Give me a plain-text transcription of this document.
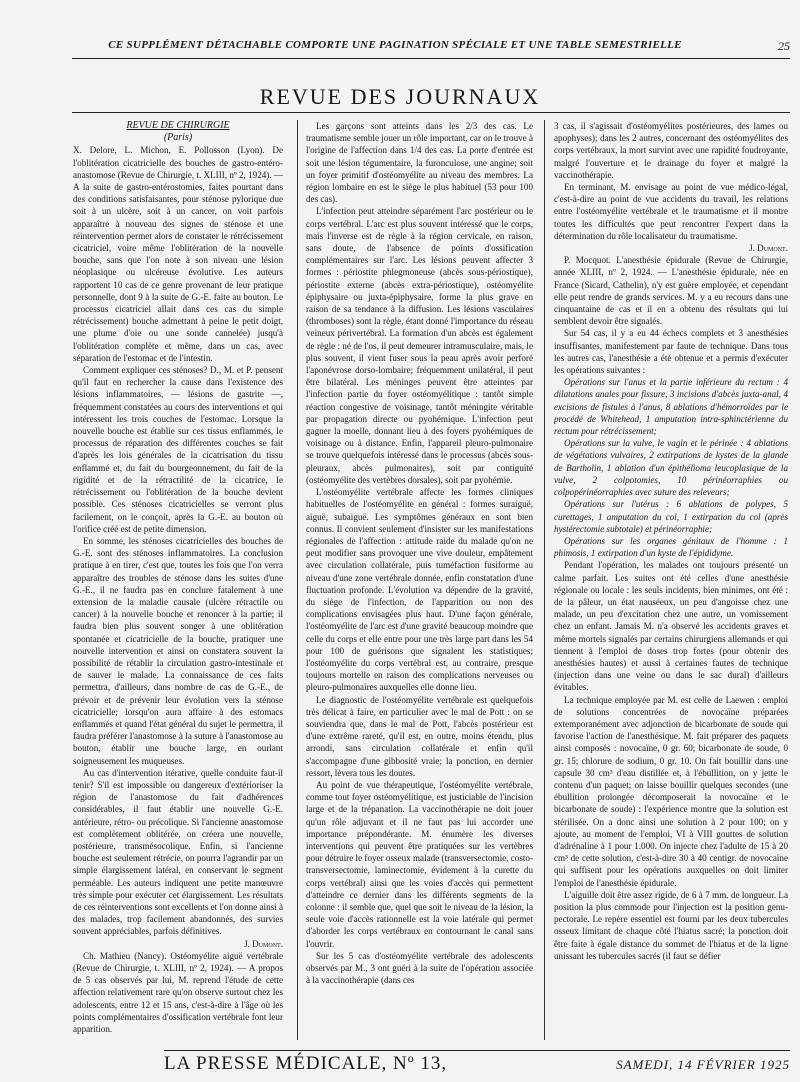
CE SUPPLÉMENT DÉTACHABLE COMPORTE UNE PAGINATION SPÉCIALE ET UNE TABLE SEMESTRIELLE	25
REVUE DES JOURNAUX

REVUE DE CHIRURGIE

(Paris)

X. Delore, L. Michon, E. Pollosson (Lyon). De l'oblitération cicatricielle des bouches de gastro-entéro-anastomose (Revue de Chirurgie, t. XLIII, nº 2, 1924). — A la suite de gastro-entérostomies, faites pourtant dans des conditions satisfaisantes, pour sténose pylorique due soit à un ulcère, soit à un cancer, on voit parfois apparaître à nouveau des signes de sténose et une réintervention permet alors de constater le rétrécissement cicatriciel, voire même l'oblitération de la nouvelle bouche, sans que l'on note à son niveau une lésion néoplasique ou ulcéreuse évolutive. Les auteurs rapportent 10 cas de ce genre provenant de leur pratique personnelle, dont 9 à la suite de G.-E. faite au bouton. Le processus cicatriciel allait dans ces cas du simple rétrécissement) bouche admettant à peine le petit doigt, une plume d'oie ou une sonde cannelée) jusqu'à l'oblitération complète et même, dans un cas, avec séparation de l'estomac et de l'intestin.

Comment expliquer ces sténoses? D., M. et P. pensent qu'il faut en rechercher la cause dans l'existence des lésions inflammatoires, — lésions de gastrite —, fréquemment constatées au cours des interventions et qui intéressent les trois couches de l'estomac. Lorsque la nouvelle bouche est établie sur ces tissus enflammés, le processus de réparation des différentes couches se fait d'après les lois générales de la cicatrisation du tissu enflammé et, du fait du bourgeonnement, du fait de la rigidité et de la rétractilité de la cicatrice, le rétrécissement ou l'oblitération de la bouche devient possible. Ces sténoses cicatricielles se verront plus facilement, on le conçoit, après la G.-E. au bouton où l'orifice créé est de petite dimension.

En somme, les sténoses cicatricielles des bouches de G.-E. sont des sténoses inflammatoires. La conclusion pratique à en tirer, c'est que, toutes les fois que l'on verra apparaître des troubles de sténose dans les suites d'une G.-E., il ne faudra pas en conclure fatalement à une extension de la maladie causale (ulcère rétractile ou cancer) à la nouvelle bouche et renoncer à la partie; il faudra bien plus souvent songer à une oblitération spontanée et cicatricielle de la bouche, pratiquer une nouvelle intervention et ainsi on constatera souvent la possibilité de rétablir la circulation gastro-intestinale et de sauver le malade. La connaissance de ces faits permettra, d'ailleurs, dans nombre de cas de G.-E., de prévoir et de prévenir leur évolution vers la sténose cicatricielle; lorsqu'on aura affaire à des estomacs enflammés et quand l'état général du sujet le permettra, il faudra préférer l'anastomose à la suture à l'anastomose au bouton, établir une bouche large, en ourlant soigneusement les muqueuses.

Au cas d'intervention itérative, quelle conduite faut-il tenir? S'il est impossible ou dangereux d'extérioriser la région de l'anastomose du fait d'adhérences considérables, il faut établir une nouvelle G.-E. antérieure, rétro- ou précolique. Si l'ancienne anastomose est complètement oblitérée, on créera une nouvelle, postérieure, transmésocolique. Enfin, si l'ancienne bouche est seulement rétrécie, on pourra l'agrandir par un simple élargissement latéral, en conservant le segment perméable. Les auteurs indiquent une petite manœuvre très simple pour exécuter cet élargissement. Les résultats de ces réinterventions sont excellents et l'on donne ainsi à des malades, trop facilement abandonnés, des survies souvent appréciables, parfois définitives.

J. Dumont.

Ch. Mathieu (Nancy). Ostéomyélite aiguë vertébrale (Revue de Chirurgie, t. XLIII, nº 2, 1924). — A propos de 5 cas observés par lui, M. reprend l'étude de cette affection relativement rare qu'on observe surtout chez les adolescents, entre 12 et 15 ans, c'est-à-dire à l'âge où les points complémentaires d'ossification vertébrale font leur apparition.

Les garçons sont atteints dans les 2/3 des cas. Le traumatisme semble jouer un rôle important, car on le trouve à l'origine de l'affection dans 1/4 des cas. La porte d'entrée est soit une lésion tégumentaire, la furonculose, une angine; soit un foyer primitif d'ostéomyélite au niveau des membres. La région lombaire en est le siège le plus habituel (53 pour 100 des cas).

L'infection peut atteindre séparément l'arc postérieur ou le corps vertébral. L'arc est plus souvent intéressé que le corps, mais l'inverse est de règle à la région cervicale, en raison, sans doute, de l'absence de points d'ossification complémentaires sur l'arc. Les lésions peuvent affecter 3 formes : périostite phlegmoneuse (abcès sous-périostique), périostite externe (abcès extra-périostique), ostéomyélite épiphysaire ou juxta-épiphysaire, forme la plus grave en raison de sa tendance à la diffusion. Les lésions vasculaires (thromboses) sont la règle, étant donné l'importance du réseau veineux périvertébral. La formation d'un abcès est également de règle : né de l'os, il peut demeurer intramusculaire, mais, le plus souvent, il vient fuser sous la peau après avoir perforé l'aponévrose dorso-lombaire; fréquemment unilatéral, il peut être bilatéral. Les méninges peuvent être atteintes par l'infection partie du foyer ostéomyélitique : tantôt simple réaction congestive de voisinage, tantôt méningite véritable par propagation directe ou pyohémique. L'infection peut gagner la moelle, donnant lieu à des foyers pyohémiques de voisinage ou à distance. Enfin, l'appareil pleuro-pulmonaire se trouve quelquefois intéressé dans le processus (abcès sous-pleuraux, abcès pulmonaires), soit par contiguïté (ostéomyélite des vertèbres dorsales), soit par pyohémie.

L'ostéomyélite vertébrale affecte les formes cliniques habituelles de l'ostéomyélite en général : formes suraiguë, aiguë, subaiguë. Les symptômes généraux en sont bien connus. Il convient seulement d'insister sur les manifestations régionales de l'affection : attitude raide du malade qu'on ne peut modifier sans provoquer une vive douleur, empâtement avec circulation collatérale, puis tuméfaction fusiforme au niveau d'une zone vertébrale donnée, enfin constatation d'une fluctuation profonde. L'évolution va dépendre de la gravité, du siège de l'infection, de l'apparition ou non des complications envisagées plus haut. D'une façon générale, l'ostéomyélite de l'arc est d'une gravité beaucoup moindre que celle du corps et elle entre pour une très large part dans les 54 pour 100 de guérisons que signalent les statistiques; l'ostéomyélite du corps vertébral est, au contraire, presque toujours mortelle en raison des complications nerveuses ou pleuro-pulmonaires auxquelles elle donne lieu.

Le diagnostic de l'ostéomyélite vertébrale est quelquefois très délicat à faire, en particulier avec le mal de Pott : on se souviendra que, dans le mal de Pott, l'abcès postérieur est d'une extrême rareté, qu'il est, en outre, moins étendu, plus arrondi, sans circulation collatérale et enfin qu'il s'accompagne d'une gibbosité vraie; la ponction, en dernier ressort, lèvera tous les doutes.

Au point de vue thérapeutique, l'ostéomyélite vertébrale, comme tout foyer ostéomyélitique, est justiciable de l'incision large et de la trépanation. La vaccinothérapie ne doit jouer qu'un rôle adjuvant et il ne faut pas lui accorder une importance prépondérante. M. énumère les diverses interventions qui peuvent être pratiquées sur les vertèbres pour détruire le foyer osseux malade (transversectomie, costo-transversectomie, laminectomie, évidement à la curette du corps vertébral) ainsi que les voies d'accès qui permettent d'atteindre ce dernier dans les différents segments de la colonne : il semble que, quel que soit le niveau de la lésion, la seule voie d'accès rationnelle est la voie latérale qui permet d'aborder les corps vertébraux en contournant le canal sans l'ouvrir.

Sur les 5 cas d'ostéomyélite vertébrale des adolescents observés par M., 3 ont guéri à la suite de l'opération associée à la vaccinothérapie (dans ces

3 cas, il s'agissait d'ostéomyélites postérieures, des lames ou apophyses); dans les 2 autres, concernant des ostéomyélites des corps vertébraux, la mort survint avec une rapidité foudroyante, malgré l'ouverture et le drainage du foyer et malgré la vaccinothérapie.

En terminant, M. envisage au point de vue médico-légal, c'est-à-dire au point de vue accidents du travail, les relations entre l'ostéomyélite vertébrale et le traumatisme et il montre toutes les difficultés que peut rencontrer l'expert dans la détermination du rôle localisateur du traumatisme.

J. Dumont.

P. Mocquot. L'anesthésie épidurale (Revue de Chirurgie, année XLIII, nº 2, 1924. — L'anesthésie épidurale, née en France (Sicard, Cathelin), n'y est guère employée, et cependant elle peut rendre de grands services. M. y a eu recours dans une cinquantaine de cas et il en a obtenu des résultats qui lui semblent devoir être signalés.

Sur 54 cas, il y a eu 44 échecs complets et 3 anesthésies insuffisantes, manifestement par faute de technique. Dans tous les autres cas, l'anesthésie a été obtenue et a permis d'exécuter les opérations suivantes :

Opérations sur l'anus et la partie inférieure du rectum : 4 dilatations anales pour fissure, 3 incisions d'abcès juxta-anal, 4 excisions de fistules à l'anus, 8 ablations d'hémorroïdes par le procédé de Whitehead, 1 amputation intra-sphinctérienne du rectum pour rétrécissement;

Opérations sur la vulve, le vagin et le périnée : 4 ablations de végétations vulvaires, 2 extirpations de kystes de la glande de Bartholin, 1 ablation d'un épithélioma leucoplasique de la vulve, 2 colpotomies, 10 périnéorraphies ou colpopérinéorraphies avec suture des releveurs;

Opérations sur l'utérus : 6 ablations de polypes, 5 curettages, 1 amputation du col, 1 extirpation du col (après hystérectomie subtotale) et périnéorraphie;

Opérations sur les organes génitaux de l'homme : 1 phimosis, 1 extirpation d'un kyste de l'épididyme.

Pendant l'opération, les malades ont toujours présenté un calme parfait. Les suites ont été celles d'une anesthésie régionale ou locale : les seuls incidents, bien minimes, ont été : de la pâleur, un état nauséeux, un peu d'angoisse chez une malade, un peu d'excitation chez une autre, un vomissement chez un enfant. Jamais M. n'a observé les accidents graves et même mortels signalés par certains chirurgiens allemands et qui tiennent à l'emploi de doses trop fortes (pour obtenir des anesthésies hautes) et aussi à certaines fautes de technique (injection dans une veine ou dans le sac dural) d'ailleurs évitables.

La technique employée par M. est celle de Laewen : emploi de solutions concentrées de novocaïne préparées extemporanément avec adjonction de bicarbonate de soude qui favorise l'action de l'anesthésique. M. fait préparer des paquets ainsi composés : novocaïne, 0 gr. 60; bicarbonate de soude, 0 gr. 15; chlorure de sodium, 0 gr. 10. On fait bouillir dans une capsule 30 cm³ d'eau distillée et, à l'ébullition, on y jette le contenu d'un paquet; on laisse bouillir quelques secondes (une ébullition prolongée décomposerait la novocaïne et le bicarbonate de soude) : l'expérience montre que la solution est stérilisée. On a donc ainsi une solution à 2 pour 100; on y ajoute, au moment de l'emploi, VI à VIII gouttes de solution d'adrénaline à 1 pour 1.000. On injecte chez l'adulte de 15 à 20 cm³ de cette solution, c'est-à-dire 30 à 40 centigr. de novocaïne qui suffisent pour les opérations auxquelles on doit limiter l'emploi de l'anesthésie épidurale.

L'aiguille doit être assez rigide, de 6 à 7 mm. de longueur. La position la plus commode pour l'injection est la position genu-pectorale. Le repère essentiel est fourni par les deux tubercules osseux limitant de chaque côté l'hiatus sacré; la ponction doit être faite à égale distance du sommet de l'hiatus et de la ligne unissant les tubercules sacrés (il faut se défier

LA PRESSE MÉDICALE, Nº 13,	SAMEDI, 14 FÉVRIER 1925
